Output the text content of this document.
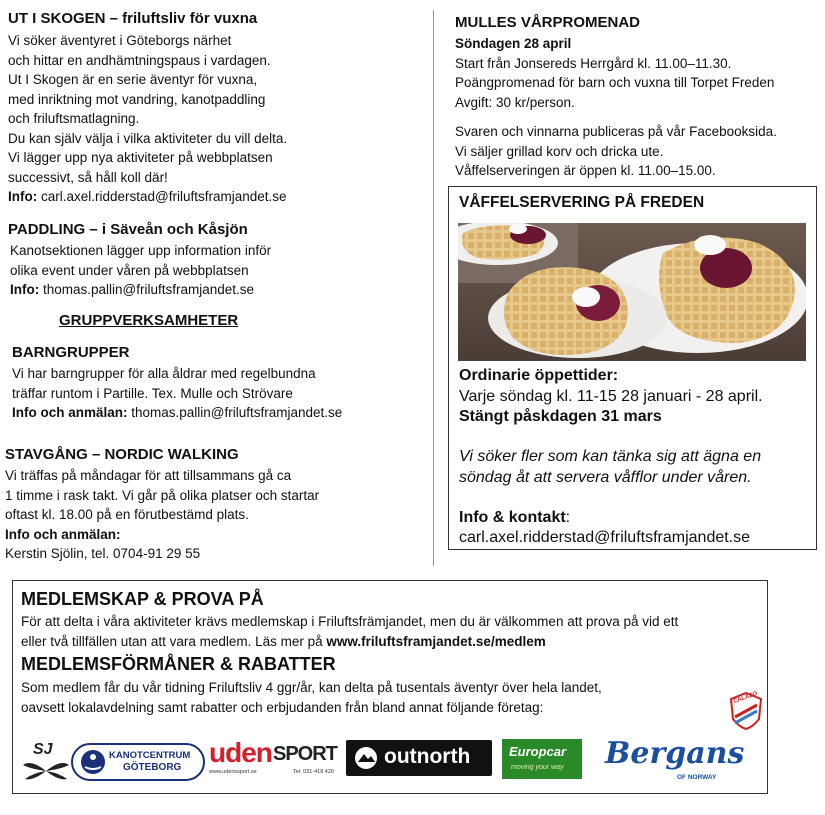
UT I SKOGEN – friluftsliv för vuxna
Vi söker äventyret i Göteborgs närhet
och hittar en andhämtningspaus i vardagen.
Ut I Skogen är en serie äventyr för vuxna,
med inriktning mot vandring, kanotpaddling
och friluftsmatlagning.
Du kan själv välja i vilka aktiviteter du vill delta.
Vi lägger upp nya aktiviteter på webbplatsen
successivt, så håll koll där!
Info: carl.axel.ridderstad@friluftsframjandet.se
PADDLING – i Säveån och Kåsjön
Kanotsektionen lägger upp information inför
olika event under våren på webbplatsen
Info: thomas.pallin@friluftsframjandet.se
GRUPPVERKSAMHETER
BARNGRUPPER
Vi har barngrupper för alla åldrar med regelbundna
träffar runtom i Partille. Tex. Mulle och Strövare
Info och anmälan: thomas.pallin@friluftsframjandet.se
STAVGÅNG – NORDIC WALKING
Vi träffas på måndagar för att tillsammans gå ca
1 timme i rask takt. Vi går på olika platser och startar
oftast kl. 18.00 på en förutbestämd plats.
Info och anmälan:
Kerstin Sjölin, tel. 0704-91 29 55
MULLES VÅRPROMENAD
Söndagen 28 april
Start från Jonsereds Herrgård kl. 11.00–11.30.
Poängpromenad för barn och vuxna till Torpet Freden
Avgift: 30 kr/person.
Svaren och vinnarna publiceras på vår Facebooksida.
Vi säljer grillad korv och dricka ute.
Våffelserveringen är öppen kl. 11.00–15.00.
VÅFFELSERVERING PÅ FREDEN
Ordinarie öppettider:
Varje söndag kl. 11-15 28 januari - 28 april.
Stängt påskdagen 31 mars
Vi söker fler som kan tänka sig att ägna en
söndag åt att servera våfflor under våren.
Info & kontakt:
carl.axel.ridderstad@friluftsframjandet.se
MEDLEMSKAP & PROVA PÅ
För att delta i våra aktiviteter krävs medlemskap i Friluftsfrämjandet, men du är välkommen att prova på vid ett
eller två tillfällen utan att vara medlem. Läs mer på www.friluftsframjandet.se/medlem
MEDLEMSFÖRMÅNER & RABATTER
Som medlem får du vår tidning Friluftsliv 4 ggr/år, kan delta på tusentals äventyr över hela landet,
oavsett lokalavdelning samt rabatter och erbjudanden från bland annat följande företag:
CALAZO
SJ	KANOTCENTRUM
GÖTEBORG uden SPORT
www.udenssport.se	Tel: 031-418 420
outnorth	Europcar
moving your way Bergans
OF NORWAY
